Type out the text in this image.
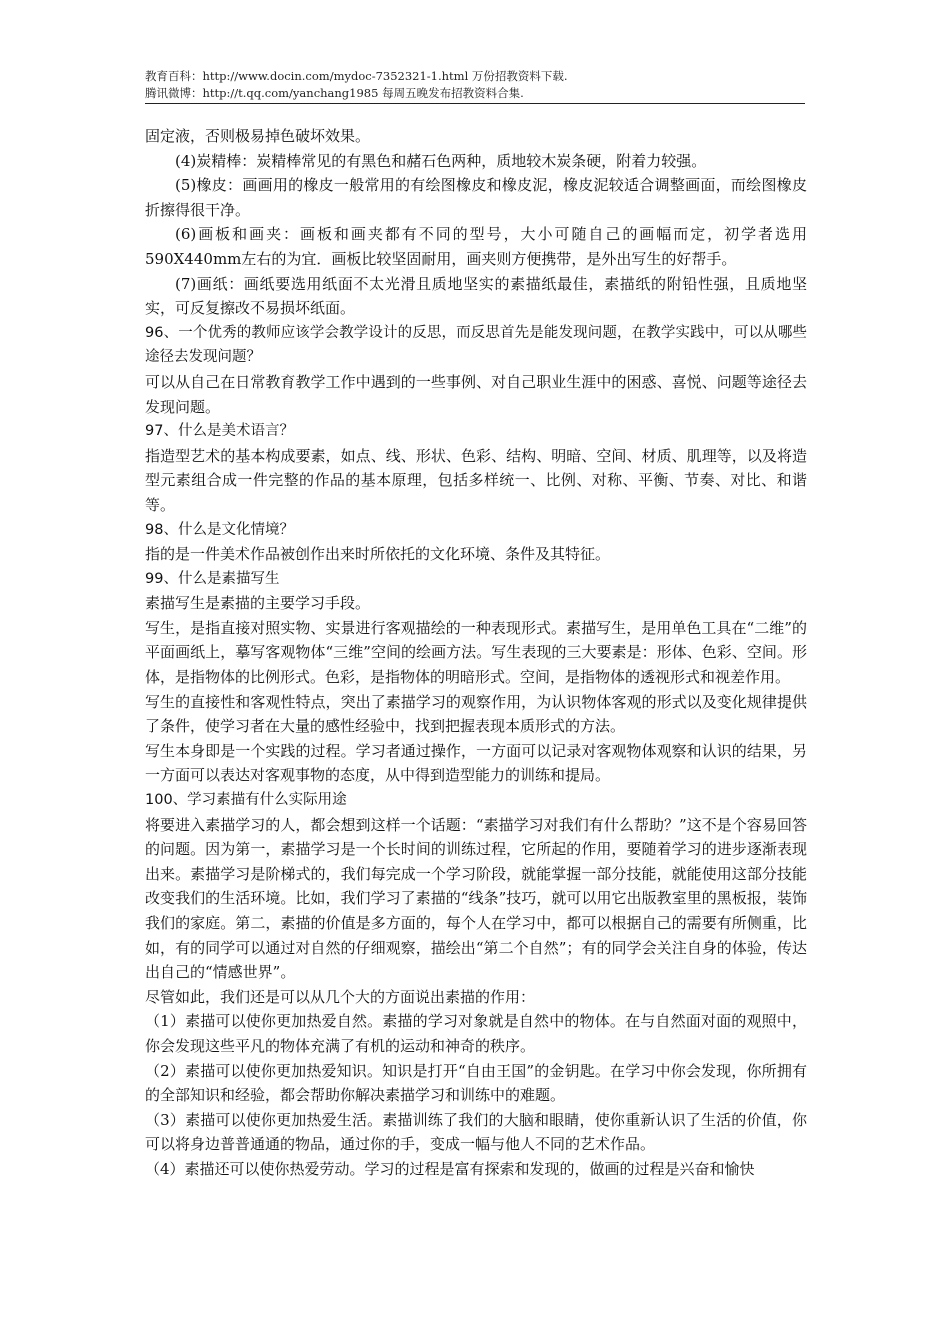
教育百科：http://www.docin.com/mydoc-7352321-1.html 万份招教资料下载.
腾讯微博：http://t.qq.com/yanchang1985 每周五晚发布招教资料合集.

固定液，否则极易掉色破坏效果。

(4)炭精棒：炭精棒常见的有黑色和赭石色两种，质地较木炭条硬，附着力较强。

(5)橡皮：画画用的橡皮一般常用的有绘图橡皮和橡皮泥，橡皮泥较适合调整画面，而绘图橡皮折擦得很干净。

(6)画板和画夹：画板和画夹都有不同的型号，大小可随自己的画幅而定，初学者选用590X440mm左右的为宜．画板比较坚固耐用，画夹则方便携带，是外出写生的好帮手。

(7)画纸：画纸要选用纸面不太光滑且质地坚实的素描纸最佳，素描纸的附铅性强，且质地坚实，可反复擦改不易损坏纸面。

96、一个优秀的教师应该学会教学设计的反思，而反思首先是能发现问题，在教学实践中，可以从哪些途径去发现问题？

可以从自己在日常教育教学工作中遇到的一些事例、对自己职业生涯中的困惑、喜悦、问题等途径去发现问题。

97、什么是美术语言？

指造型艺术的基本构成要素，如点、线、形状、色彩、结构、明暗、空间、材质、肌理等，以及将造型元素组合成一件完整的作品的基本原理，包括多样统一、比例、对称、平衡、节奏、对比、和谐等。

98、什么是文化情境？

指的是一件美术作品被创作出来时所依托的文化环境、条件及其特征。

99、什么是素描写生

素描写生是素描的主要学习手段。

写生，是指直接对照实物、实景进行客观描绘的一种表现形式。素描写生，是用单色工具在“二维”的平面画纸上，摹写客观物体“三维”空间的绘画方法。写生表现的三大要素是：形体、色彩、空间。形体，是指物体的比例形式。色彩，是指物体的明暗形式。空间，是指物体的透视形式和视差作用。

写生的直接性和客观性特点，突出了素描学习的观察作用，为认识物体客观的形式以及变化规律提供了条件，使学习者在大量的感性经验中，找到把握表现本质形式的方法。

写生本身即是一个实践的过程。学习者通过操作，一方面可以记录对客观物体观察和认识的结果，另一方面可以表达对客观事物的态度，从中得到造型能力的训练和提局。

100、学习素描有什么实际用途

将要进入素描学习的人，都会想到这样一个话题：“素描学习对我们有什么帮助？”这不是个容易回答的问题。因为第一，素描学习是一个长时间的训练过程，它所起的作用，要随着学习的进步逐渐表现出来。素描学习是阶梯式的，我们每完成一个学习阶段，就能掌握一部分技能，就能使用这部分技能改变我们的生活环境。比如，我们学习了素描的“线条”技巧，就可以用它出版教室里的黑板报，装饰我们的家庭。第二，素描的价值是多方面的，每个人在学习中，都可以根据自己的需要有所侧重，比如，有的同学可以通过对自然的仔细观察，描绘出“第二个自然”；有的同学会关注自身的体验，传达出自己的“情感世界”。

尽管如此，我们还是可以从几个大的方面说出素描的作用：

（1）素描可以使你更加热爱自然。素描的学习对象就是自然中的物体。在与自然面对面的观照中，你会发现这些平凡的物体充满了有机的运动和神奇的秩序。

（2）素描可以使你更加热爱知识。知识是打开“自由王国”的金钥匙。在学习中你会发现，你所拥有的全部知识和经验，都会帮助你解决素描学习和训练中的难题。

（3）素描可以使你更加热爱生活。素描训练了我们的大脑和眼睛，使你重新认识了生活的价值，你可以将身边普普通通的物品，通过你的手，变成一幅与他人不同的艺术作品。

（4）素描还可以使你热爱劳动。学习的过程是富有探索和发现的，做画的过程是兴奋和愉快
